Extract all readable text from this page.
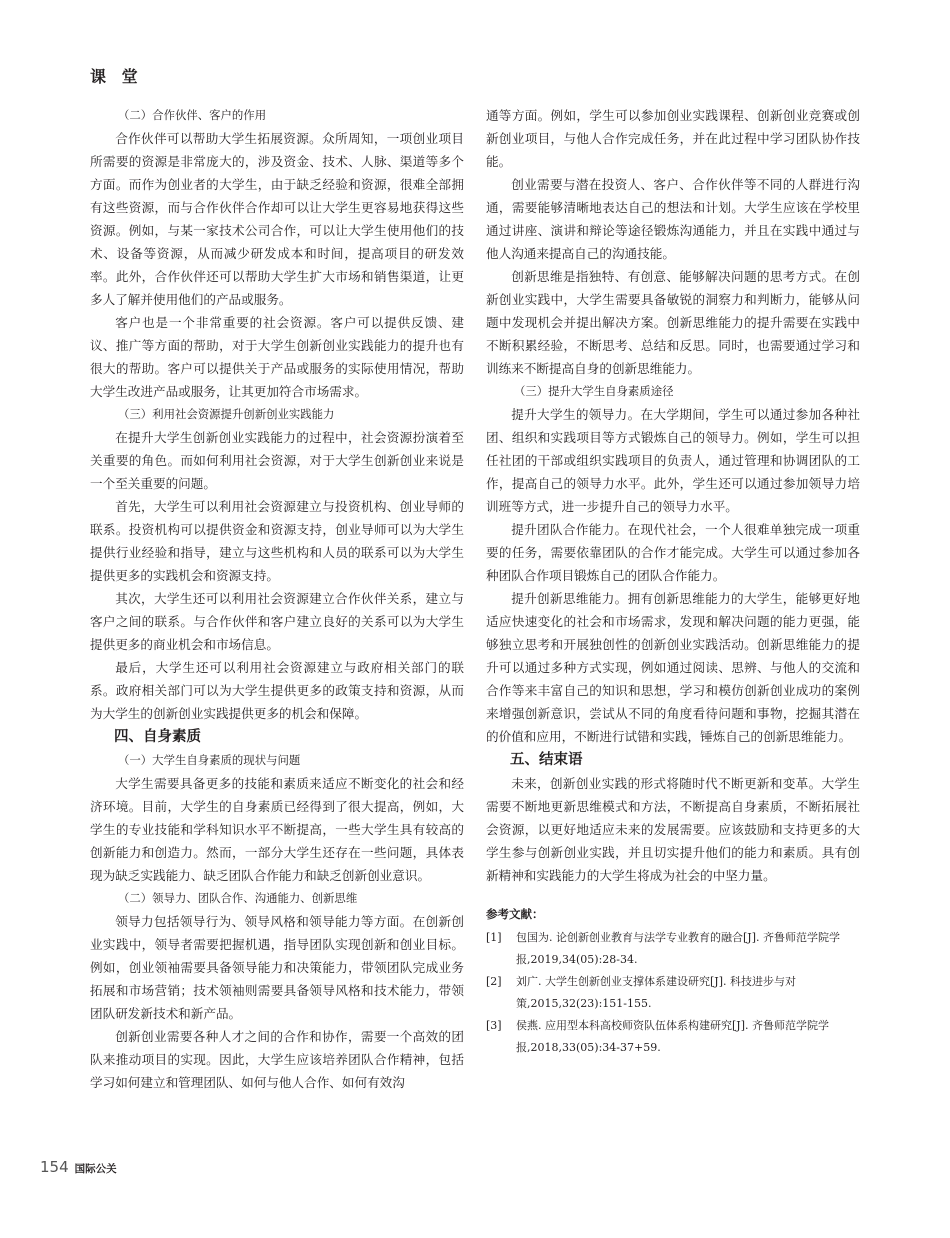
课 堂
（二）合作伙伴、客户的作用

合作伙伴可以帮助大学生拓展资源。众所周知，一项创业项目所需要的资源是非常庞大的，涉及资金、技术、人脉、渠道等多个方面。而作为创业者的大学生，由于缺乏经验和资源，很难全部拥有这些资源，而与合作伙伴合作却可以让大学生更容易地获得这些资源。例如，与某一家技术公司合作，可以让大学生使用他们的技术、设备等资源，从而减少研发成本和时间，提高项目的研发效率。此外，合作伙伴还可以帮助大学生扩大市场和销售渠道，让更多人了解并使用他们的产品或服务。

客户也是一个非常重要的社会资源。客户可以提供反馈、建议、推广等方面的帮助，对于大学生创新创业实践能力的提升也有很大的帮助。客户可以提供关于产品或服务的实际使用情况，帮助大学生改进产品或服务，让其更加符合市场需求。

（三）利用社会资源提升创新创业实践能力

在提升大学生创新创业实践能力的过程中，社会资源扮演着至关重要的角色。而如何利用社会资源，对于大学生创新创业来说是一个至关重要的问题。

首先，大学生可以利用社会资源建立与投资机构、创业导师的联系。投资机构可以提供资金和资源支持，创业导师可以为大学生提供行业经验和指导，建立与这些机构和人员的联系可以为大学生提供更多的实践机会和资源支持。

其次，大学生还可以利用社会资源建立合作伙伴关系，建立与客户之间的联系。与合作伙伴和客户建立良好的关系可以为大学生提供更多的商业机会和市场信息。

最后，大学生还可以利用社会资源建立与政府相关部门的联系。政府相关部门可以为大学生提供更多的政策支持和资源，从而为大学生的创新创业实践提供更多的机会和保障。

四、自身素质
（一）大学生自身素质的现状与问题

大学生需要具备更多的技能和素质来适应不断变化的社会和经济环境。目前，大学生的自身素质已经得到了很大提高，例如，大学生的专业技能和学科知识水平不断提高，一些大学生具有较高的创新能力和创造力。然而，一部分大学生还存在一些问题，具体表现为缺乏实践能力、缺乏团队合作能力和缺乏创新创业意识。

（二）领导力、团队合作、沟通能力、创新思维

领导力包括领导行为、领导风格和领导能力等方面。在创新创业实践中，领导者需要把握机遇，指导团队实现创新和创业目标。例如，创业领袖需要具备领导能力和决策能力，带领团队完成业务拓展和市场营销；技术领袖则需要具备领导风格和技术能力，带领团队研发新技术和新产品。

创新创业需要各种人才之间的合作和协作，需要一个高效的团队来推动项目的实现。因此，大学生应该培养团队合作精神，包括学习如何建立和管理团队、如何与他人合作、如何有效沟

通等方面。例如，学生可以参加创业实践课程、创新创业竞赛或创新创业项目，与他人合作完成任务，并在此过程中学习团队协作技能。

创业需要与潜在投资人、客户、合作伙伴等不同的人群进行沟通，需要能够清晰地表达自己的想法和计划。大学生应该在学校里通过讲座、演讲和辩论等途径锻炼沟通能力，并且在实践中通过与他人沟通来提高自己的沟通技能。

创新思维是指独特、有创意、能够解决问题的思考方式。在创新创业实践中，大学生需要具备敏锐的洞察力和判断力，能够从问题中发现机会并提出解决方案。创新思维能力的提升需要在实践中不断积累经验，不断思考、总结和反思。同时，也需要通过学习和训练来不断提高自身的创新思维能力。

（三）提升大学生自身素质途径

提升大学生的领导力。在大学期间，学生可以通过参加各种社团、组织和实践项目等方式锻炼自己的领导力。例如，学生可以担任社团的干部或组织实践项目的负责人，通过管理和协调团队的工作，提高自己的领导力水平。此外，学生还可以通过参加领导力培训班等方式，进一步提升自己的领导力水平。

提升团队合作能力。在现代社会，一个人很难单独完成一项重要的任务，需要依靠团队的合作才能完成。大学生可以通过参加各种团队合作项目锻炼自己的团队合作能力。

提升创新思维能力。拥有创新思维能力的大学生，能够更好地适应快速变化的社会和市场需求，发现和解决问题的能力更强，能够独立思考和开展独创性的创新创业实践活动。创新思维能力的提升可以通过多种方式实现，例如通过阅读、思辨、与他人的交流和合作等来丰富自己的知识和思想，学习和模仿创新创业成功的案例来增强创新意识，尝试从不同的角度看待问题和事物，挖掘其潜在的价值和应用，不断进行试错和实践，锤炼自己的创新思维能力。

五、结束语

未来，创新创业实践的形式将随时代不断更新和变革。大学生需要不断地更新思维模式和方法，不断提高自身素质，不断拓展社会资源，以更好地适应未来的发展需要。应该鼓励和支持更多的大学生参与创新创业实践，并且切实提升他们的能力和素质。具有创新精神和实践能力的大学生将成为社会的中坚力量。

参考文献：
[1]	包国为. 论创新创业教育与法学专业教育的融合[J]. 齐鲁师范学院学报,2019,34(05):28-34.
[2]	刘广. 大学生创新创业支撑体系建设研究[J]. 科技进步与对策,2015,32(23):151-155.
[3]	侯燕. 应用型本科高校师资队伍体系构建研究[J]. 齐鲁师范学院学报,2018,33(05):34-37+59.
154 国际公关
